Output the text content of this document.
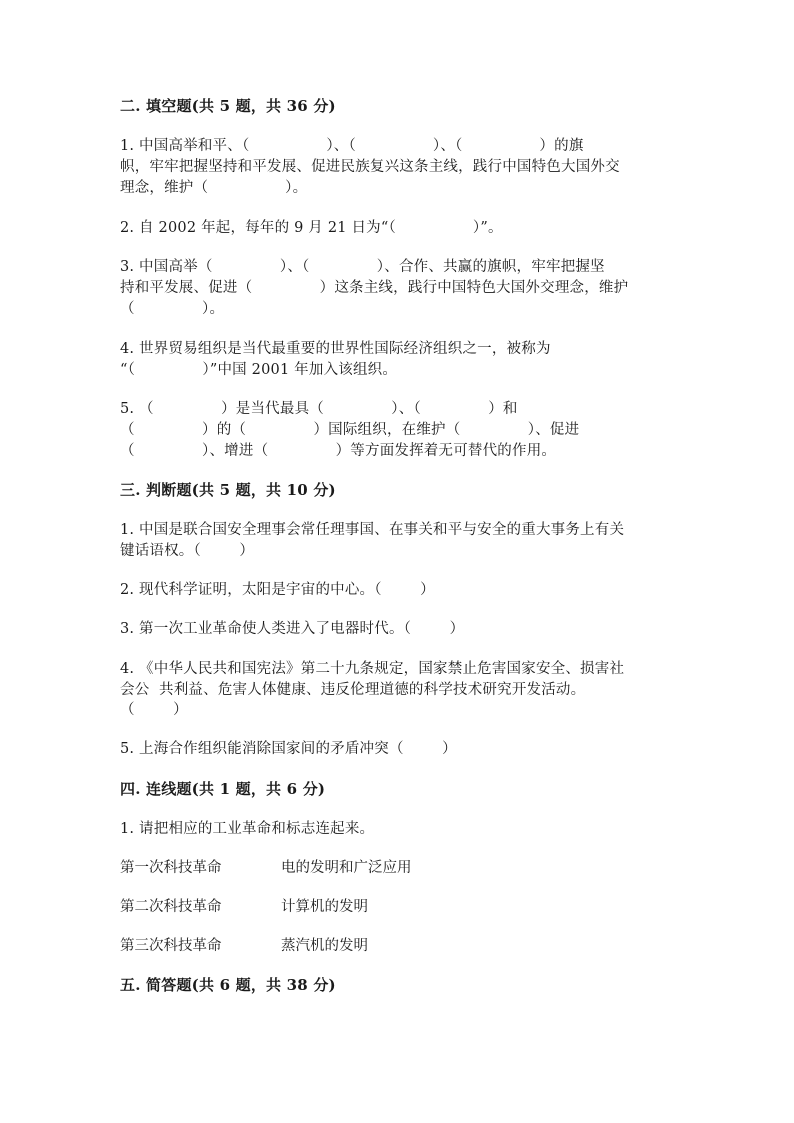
二. 填空题(共 5 题，共 36 分)
1. 中国高举和平、（                ）、（                ）、（                ）的旗
帜，牢牢把握坚持和平发展、促进民族复兴这条主线，践行中国特色大国外交
理念，维护（                ）。
2. 自 2002 年起，每年的 9 月 21 日为“（                ）”。
3. 中国高举（              ）、（              ）、合作、共赢的旗帜，牢牢把握坚
持和平发展、促进（              ）这条主线，践行中国特色大国外交理念，维护
（              ）。
4. 世界贸易组织是当代最重要的世界性国际经济组织之一，被称为
“（              ）”中国 2001 年加入该组织。
5. （              ）是当代最具（              ）、（              ）和
（              ）的（              ）国际组织，在维护（              ）、促进
（              ）、增进（              ）等方面发挥着无可替代的作用。
三. 判断题(共 5 题，共 10 分)
1. 中国是联合国安全理事会常任理事国、在事关和平与安全的重大事务上有关
键话语权。（        ）
2. 现代科学证明，太阳是宇宙的中心。（        ）
3. 第一次工业革命使人类进入了电器时代。（        ）
4. 《中华人民共和国宪法》第二十九条规定，国家禁止危害国家安全、损害社
会公  共利益、危害人体健康、违反伦理道德的科学技术研究开发活动。
（        ）
5. 上海合作组织能消除国家间的矛盾冲突（        ）
四. 连线题(共 1 题，共 6 分)
1. 请把相应的工业革命和标志连起来。
第一次科技革命	电的发明和广泛应用
第二次科技革命	计算机的发明
第三次科技革命	蒸汽机的发明
五. 简答题(共 6 题，共 38 分)
